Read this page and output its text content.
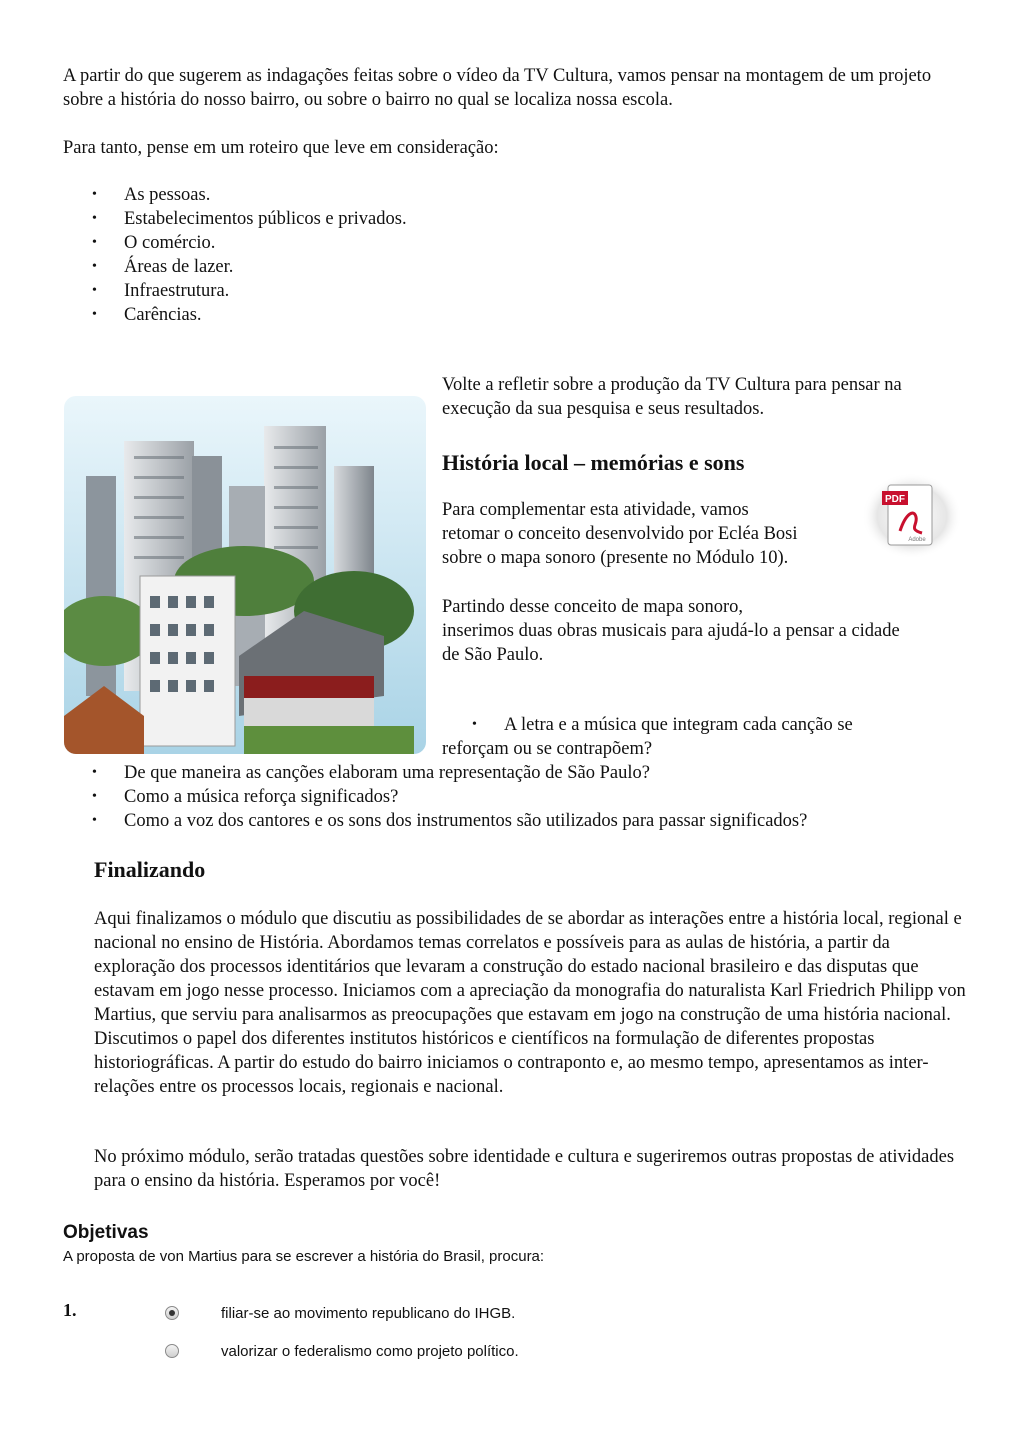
A partir do que sugerem as indagações feitas sobre o vídeo da TV Cultura, vamos pensar na montagem de um projeto sobre a história do nosso bairro, ou sobre o bairro no qual se localiza nossa escola.

Para tanto, pense em um roteiro que leve em consideração:

• As pessoas.
• Estabelecimentos públicos e privados.
• O comércio.
• Áreas de lazer.
• Infraestrutura.
• Carências.

Volte a refletir sobre a produção da TV Cultura para pensar na execução da sua pesquisa e seus resultados.

História local – memórias e sons
Para complementar esta atividade, vamos
retomar o conceito desenvolvido por Ecléa Bosi
sobre o mapa sonoro (presente no Módulo 10).
PDF
Adobe
Partindo desse conceito de mapa sonoro,
inserimos duas obras musicais para ajudá-lo a pensar a cidade
de São Paulo.
• A letra e a música que integram cada canção se
reforçam ou se contrapõem?
• De que maneira as canções elaboram uma representação de São Paulo?
• Como a música reforça significados?
• Como a voz dos cantores e os sons dos instrumentos são utilizados para passar significados?
Finalizando

Aqui finalizamos o módulo que discutiu as possibilidades de se abordar as interações entre a história local, regional e nacional no ensino de História. Abordamos temas correlatos e possíveis para as aulas de história, a partir da exploração dos processos identitários que levaram a construção do estado nacional brasileiro e das disputas que estavam em jogo nesse processo. Iniciamos com a apreciação da monografia do naturalista Karl Friedrich Philipp von Martius, que serviu para analisarmos as preocupações que estavam em jogo na construção de uma história nacional. Discutimos o papel dos diferentes institutos históricos e científicos na formulação de diferentes propostas historiográficas. A partir do estudo do bairro iniciamos o contraponto e, ao mesmo tempo, apresentamos as inter-relações entre os processos locais, regionais e nacional.

No próximo módulo, serão tratadas questões sobre identidade e cultura e sugeriremos outras propostas de atividades para o ensino da história. Esperamos por você!

Objetivas
A proposta de von Martius para se escrever a história do Brasil, procura:
1.	filiar-se ao movimento republicano do IHGB.
valorizar o federalismo como projeto político.
